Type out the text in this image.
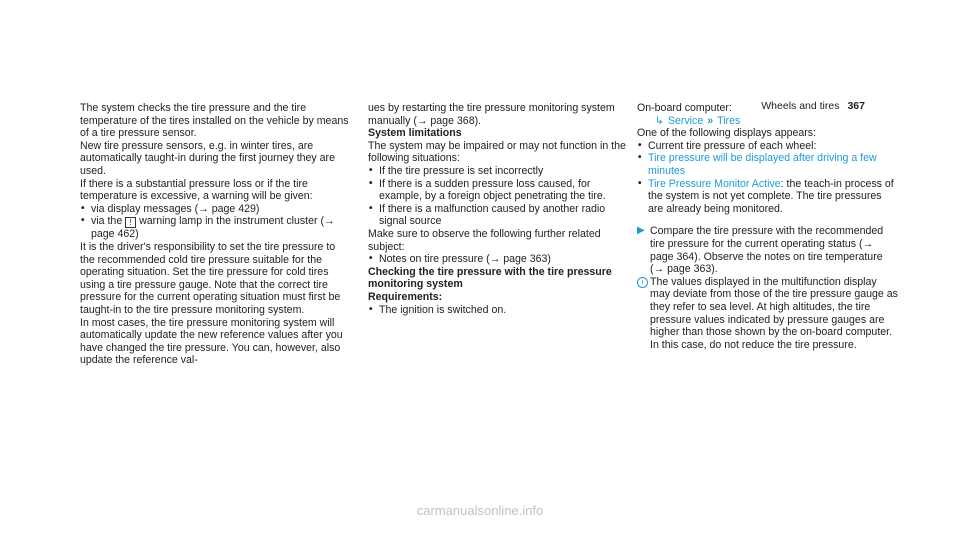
Wheels and tires 367

The system checks the tire pressure and the tire temperature of the tires installed on the vehicle by means of a tire pressure sensor.

New tire pressure sensors, e.g. in winter tires, are automatically taught-in during the first journey they are used.

If there is a substantial pressure loss or if the tire temperature is excessive, a warning will be given:

• via display messages (→ page 429)
• via the ! warning lamp in the instrument cluster (→ page 462)

It is the driver's responsibility to set the tire pressure to the recommended cold tire pressure suitable for the operating situation. Set the tire pressure for cold tires using a tire pressure gauge. Note that the correct tire pressure for the current operating situation must first be taught-in to the tire pressure monitoring system.

In most cases, the tire pressure monitoring system will automatically update the new reference values after you have changed the tire pressure. You can, however, also update the reference val-

ues by restarting the tire pressure monitoring system manually (→ page 368).

System limitations

The system may be impaired or may not function in the following situations:

• If the tire pressure is set incorrectly
• If there is a sudden pressure loss caused, for example, by a foreign object penetrating the tire.
• If there is a malfunction caused by another radio signal source

Make sure to observe the following further related subject:

• Notes on tire pressure (→ page 363)

Checking the tire pressure with the tire pressure monitoring system

Requirements:

• The ignition is switched on.

On-board computer:

↳ Service » Tires

One of the following displays appears:

• Current tire pressure of each wheel:
• Tire pressure will be displayed after driving a few minutes
• Tire Pressure Monitor Active: the teach-in process of the system is not yet complete. The tire pressures are already being monitored.

▶ Compare the tire pressure with the recommended tire pressure for the current operating status (→ page 364). Observe the notes on tire temperature (→ page 363).

i The values displayed in the multifunction display may deviate from those of the tire pressure gauge as they refer to sea level. At high altitudes, the tire pressure values indicated by pressure gauges are higher than those shown by the on-board computer. In this case, do not reduce the tire pressure.

carmanualsonline.info
